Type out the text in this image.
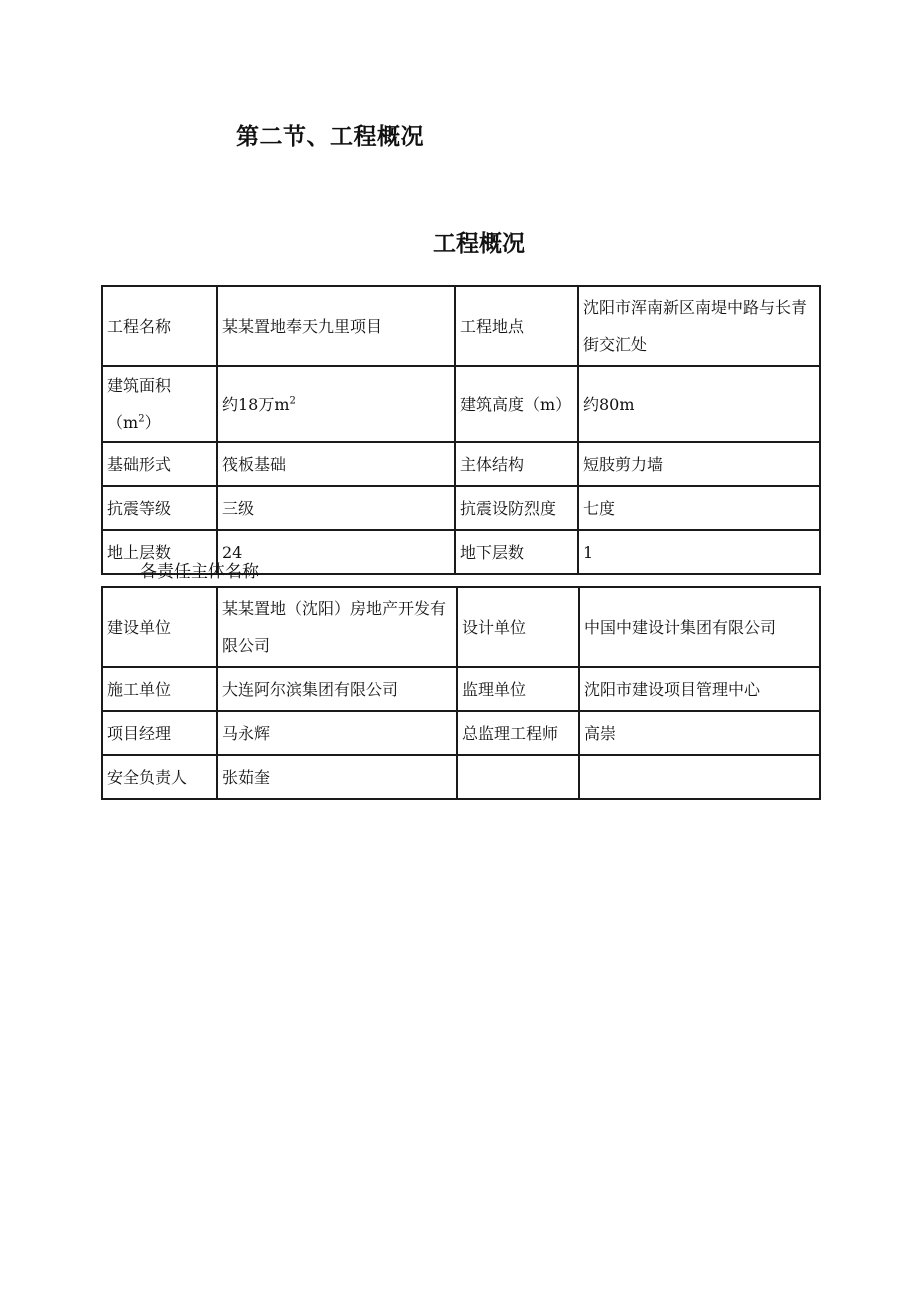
第二节、工程概况
工程概况
工程名称	某某置地奉天九里项目	工程地点	沈阳市浑南新区南堤中路与长青街交汇处
建筑面积$(m^2)$	约18万$m^2$	建筑高度（m）	约80m
基础形式	筏板基础	主体结构	短肢剪力墙
抗震等级	三级	抗震设防烈度	七度
地上层数	24	地下层数	1
各责任主体名称
建设单位	某某置地（沈阳）房地产开发有限公司	设计单位	中国中建设计集团有限公司
施工单位	大连阿尔滨集团有限公司	监理单位	沈阳市建设项目管理中心
项目经理	马永辉	总监理工程师	高崇
安全负责人	张茹奎		
